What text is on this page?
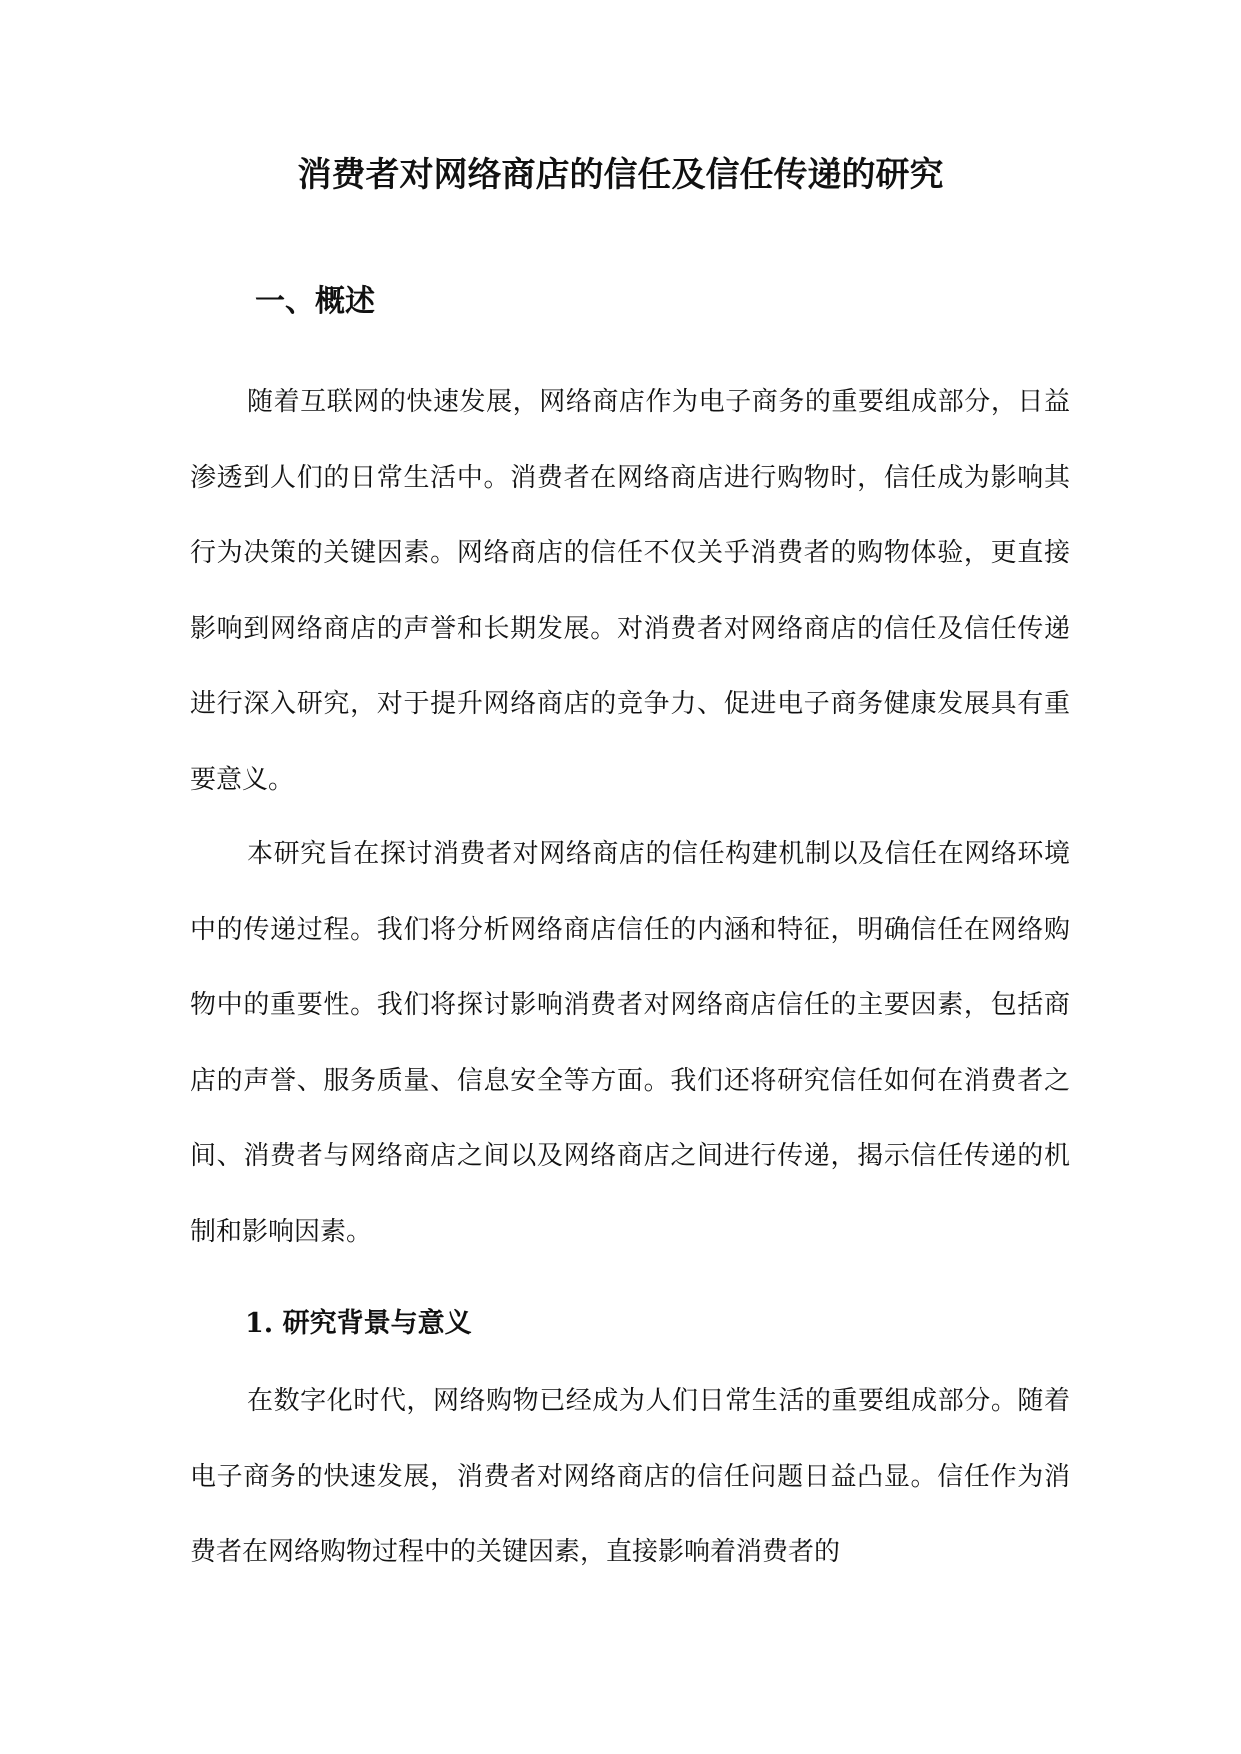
消费者对网络商店的信任及信任传递的研究
一、概述

随着互联网的快速发展，网络商店作为电子商务的重要组成部分，日益渗透到人们的日常生活中。消费者在网络商店进行购物时，信任成为影响其行为决策的关键因素。网络商店的信任不仅关乎消费者的购物体验，更直接影响到网络商店的声誉和长期发展。对消费者对网络商店的信任及信任传递进行深入研究，对于提升网络商店的竞争力、促进电子商务健康发展具有重要意义。

本研究旨在探讨消费者对网络商店的信任构建机制以及信任在网络环境中的传递过程。我们将分析网络商店信任的内涵和特征，明确信任在网络购物中的重要性。我们将探讨影响消费者对网络商店信任的主要因素，包括商店的声誉、服务质量、信息安全等方面。我们还将研究信任如何在消费者之间、消费者与网络商店之间以及网络商店之间进行传递，揭示信任传递的机制和影响因素。

1. 研究背景与意义

在数字化时代，网络购物已经成为人们日常生活的重要组成部分。随着电子商务的快速发展，消费者对网络商店的信任问题日益凸显。信任作为消费者在网络购物过程中的关键因素，直接影响着消费者的
